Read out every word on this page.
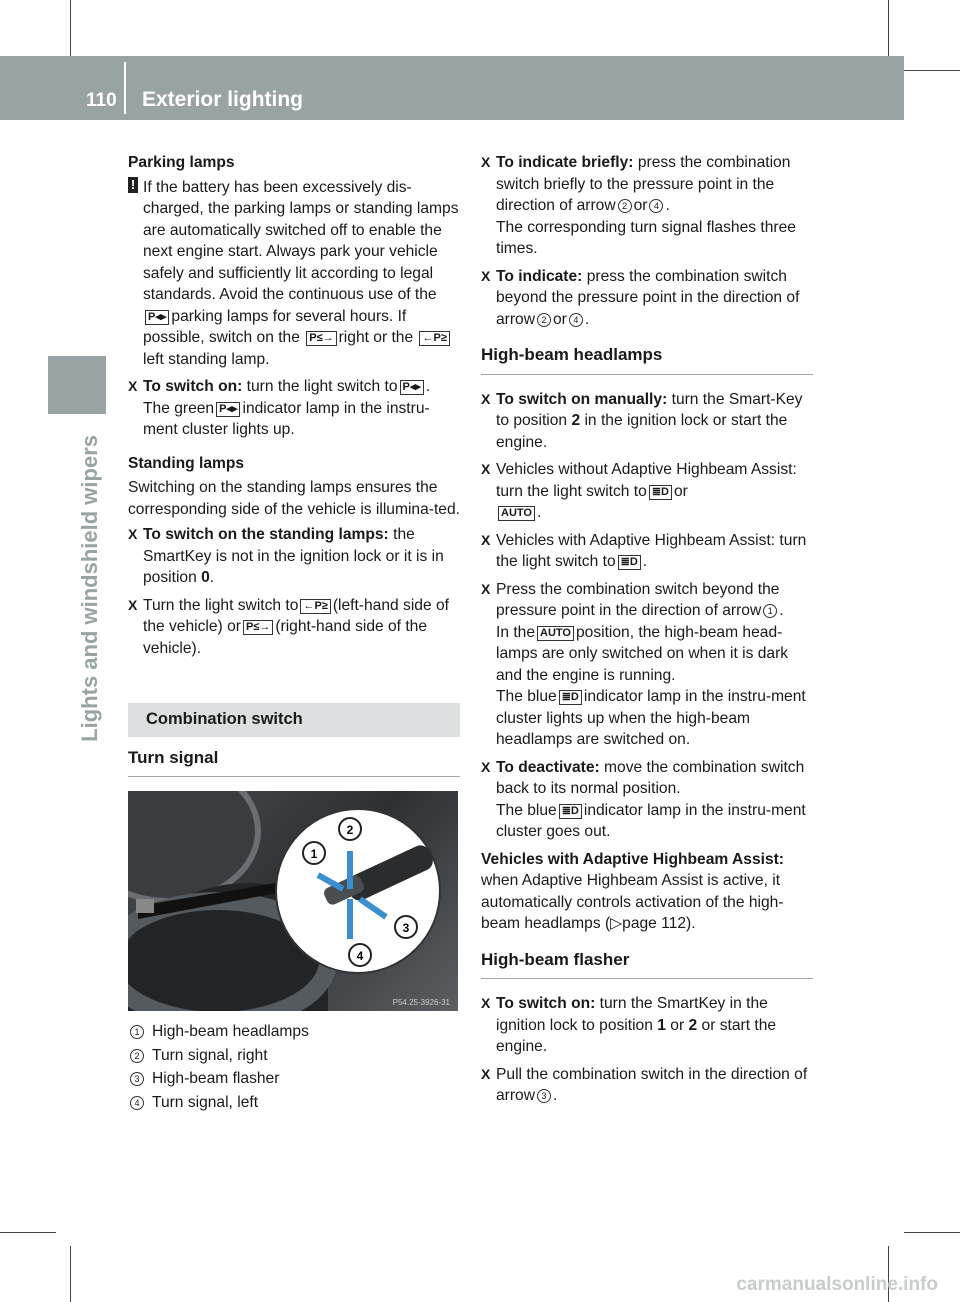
110 Exterior lighting
Lights and windshield wipers
Parking lamps
! If the battery has been excessively dis-charged, the parking lamps or standing lamps are automatically switched off to enable the next engine start. Always park your vehicle safely and sufficiently lit according to legal standards. Avoid the continuous use of the P◂▸ parking lamps for several hours. If possible, switch on the P≤→ right or the ←P≥left standing lamp.
X To switch on: turn the light switch to P◂▸ .
The green P◂▸ indicator lamp in the instru-ment cluster lights up.
Standing lamps

Switching on the standing lamps ensures the corresponding side of the vehicle is illumina-ted.

X To switch on the standing lamps: the SmartKey is not in the ignition lock or it is in position 0.
X Turn the light switch to ←P≥ (left-hand side of the vehicle) or P≤→ (right-hand side of the vehicle).
Combination switch
Turn signal
1
2
3
4
P54.25-3926-31
1 High-beam headlamps
2 Turn signal, right
3 High-beam flasher
4 Turn signal, left
X To indicate briefly: press the combination switch briefly to the pressure point in the direction of arrow 2 or 4 .
The corresponding turn signal flashes three times.
X To indicate: press the combination switch beyond the pressure point in the direction of arrow 2 or 4 .
High-beam headlamps
X To switch on manually: turn the Smart-Key to position 2 in the ignition lock or start the engine.
X Vehicles without Adaptive Highbeam Assist: turn the light switch to ≣D or
AUTO .
X Vehicles with Adaptive Highbeam Assist: turn the light switch to ≣D .
X Press the combination switch beyond the pressure point in the direction of arrow 1 .
In the AUTO position, the high-beam head-lamps are only switched on when it is dark and the engine is running.
The blue ≣D indicator lamp in the instru-ment cluster lights up when the high-beam headlamps are switched on.
X To deactivate: move the combination switch back to its normal position.
The blue ≣D indicator lamp in the instru-ment cluster goes out.

Vehicles with Adaptive Highbeam Assist:
when Adaptive Highbeam Assist is active, it automatically controls activation of the high-beam headlamps (▷page 112).

High-beam flasher
X To switch on: turn the SmartKey in the ignition lock to position 1 or 2 or start the engine.
X Pull the combination switch in the direction of arrow 3 .
carmanualsonline.info
